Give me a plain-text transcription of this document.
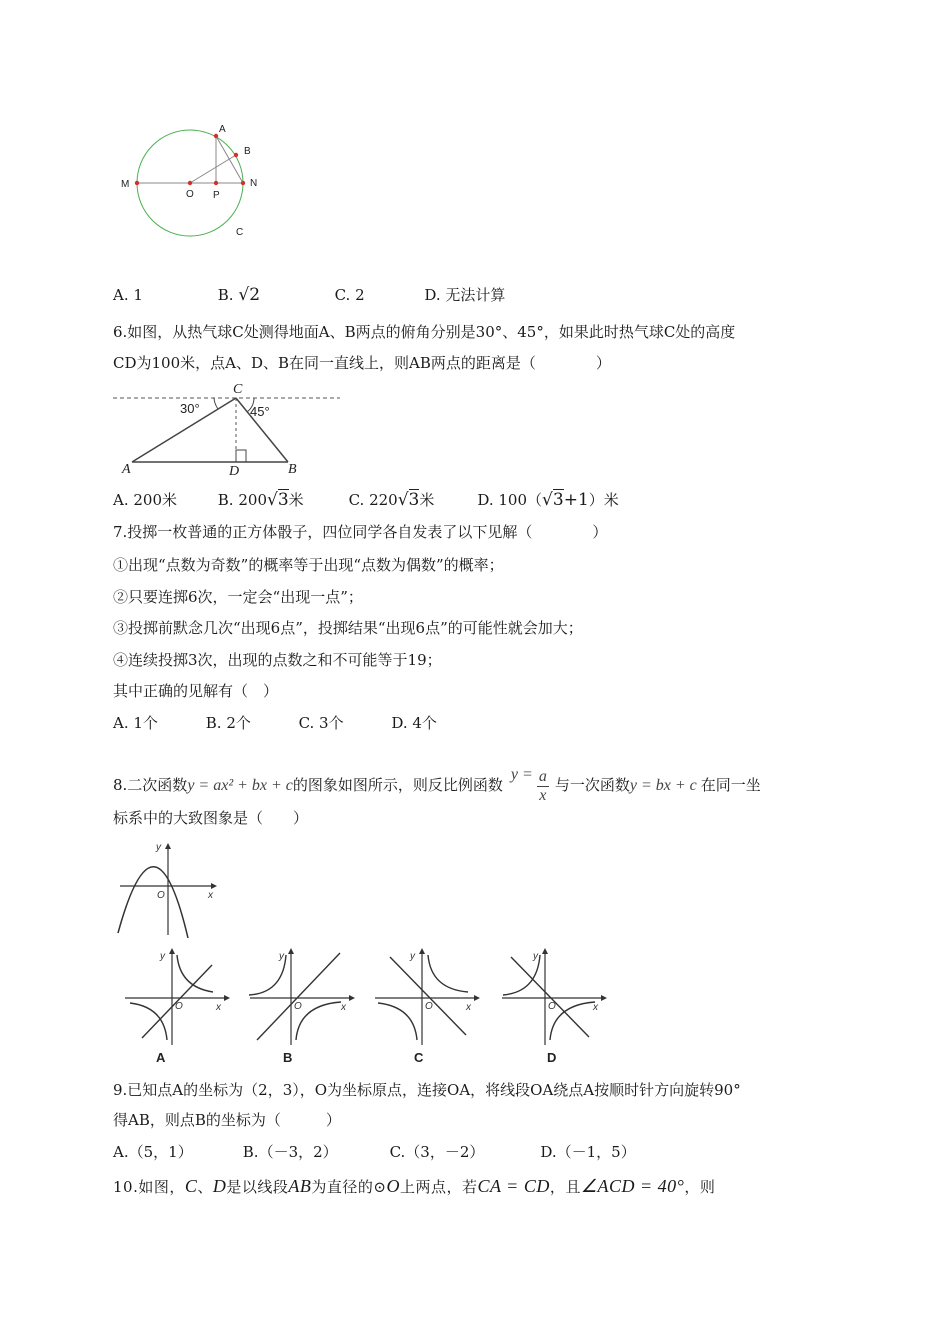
A
B
M	N
O P
C
A. 1	B. √2	C. 2	D. 无法计算
6.如图，从热气球C处测得地面A、B两点的俯角分别是30°、45°，如果此时热气球C处的高度
CD为100米，点A、D、B在同一直线上，则AB两点的距离是（　　　　）
C
30°	45°
A	D	B
A. 200米	B. 200√3米	C. 220√3米	D. 100（√3+1）米
7.投掷一枚普通的正方体骰子，四位同学各自发表了以下见解（　　　　）
①出现“点数为奇数”的概率等于出现“点数为偶数”的概率；
②只要连掷6次，一定会“出现一点”；
③投掷前默念几次“出现6点”，投掷结果“出现6点”的可能性就会加大；
④连续投掷3次，出现的点数之和不可能等于19；
其中正确的见解有（　）
A. 1个	B. 2个	C. 3个	D. 4个
8.二次函数y = ax² + bx + c的图象如图所示，则反比例函数$y = \frac{a}{x}$ 与一次函数y = bx + c 在同一坐
标系中的大致图象是（　　）
x
y
O
x
y
O
A
x
y
O
B
x
y
O
C
x
y
O
D
9.已知点A的坐标为（2，3），O为坐标原点，连接OA，将线段OA绕点A按顺时针方向旋转90°
得AB，则点B的坐标为（　　　）
A.（5，1）	B.（－3，2）	C.（3，－2）	D.（－1，5）
10.如图，C、D是以线段AB为直径的⊙O上两点，若CA = CD，且∠ACD = 40°，则
